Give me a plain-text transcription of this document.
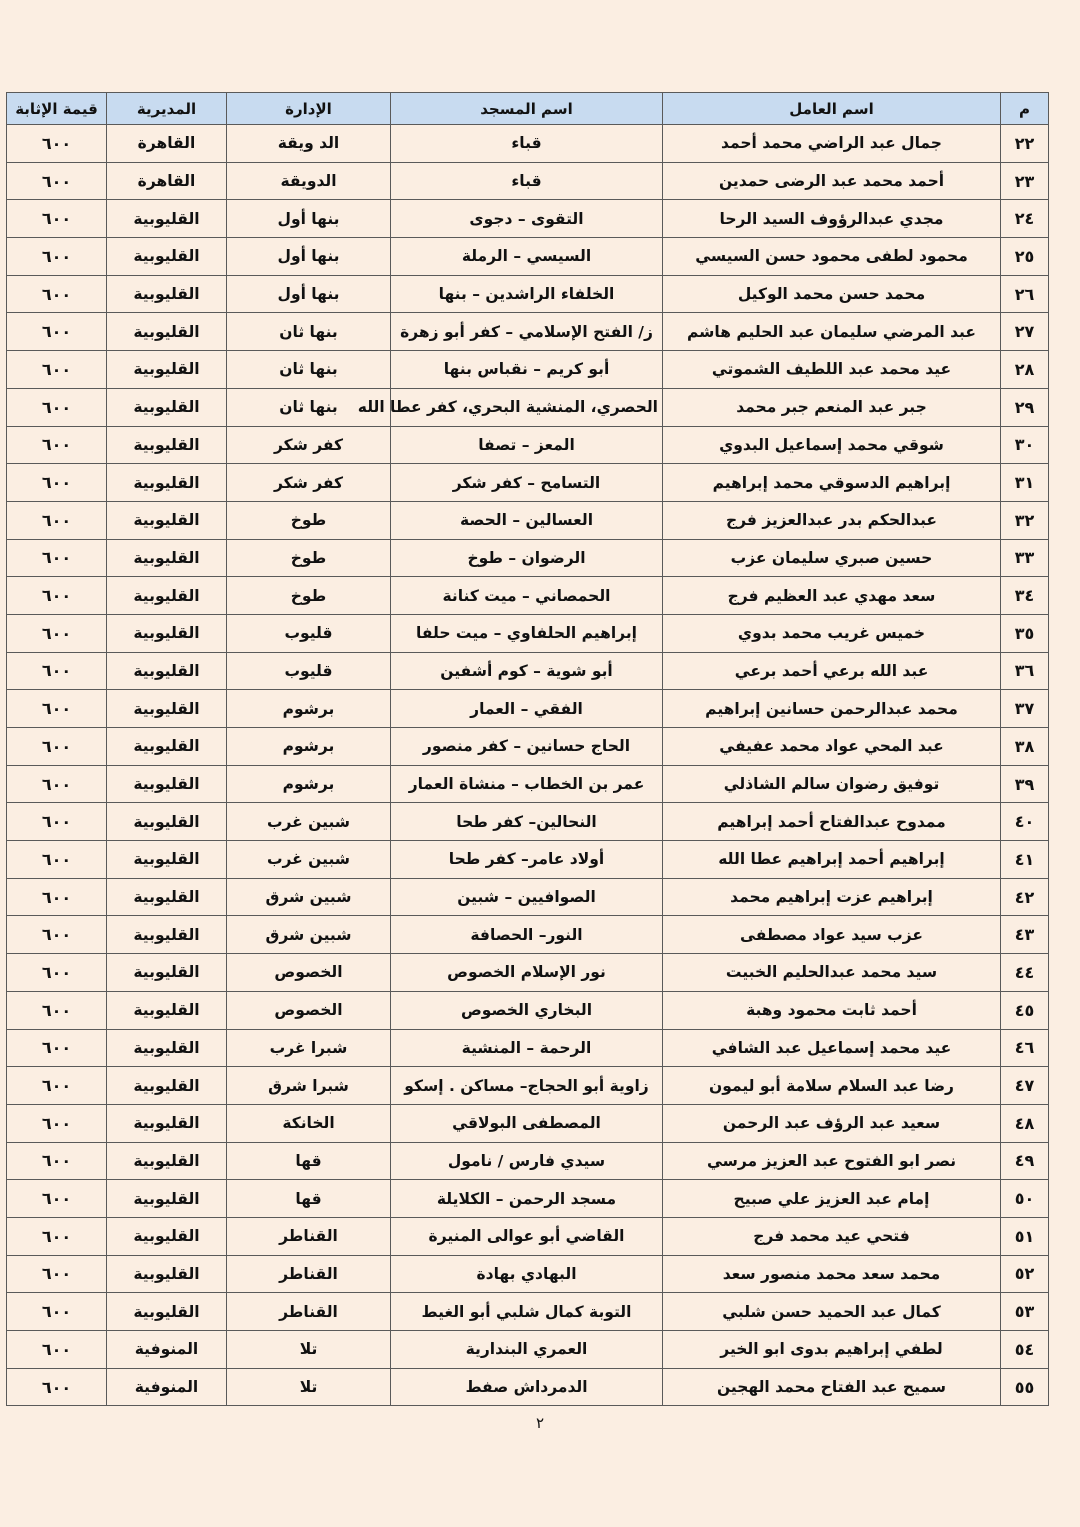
م	اسم العامل	اسم المسجد	الإدارة	المديرية	قيمة الإثابة
٢٢	جمال عبد الراضي محمد أحمد	قباء	الد ويقة	القاهرة	٦٠٠
٢٣	أحمد محمد عبد الرضى حمدين	قباء	الدويقة	القاهرة	٦٠٠
٢٤	مجدي عبدالرؤوف السيد الرحا	التقوى – دجوى	بنها أول	القليوبية	٦٠٠
٢٥	محمود لطفى محمود حسن السيسي	السيسي – الرملة	بنها أول	القليوبية	٦٠٠
٢٦	محمد حسن محمد الوكيل	الخلفاء الراشدين – بنها	بنها أول	القليوبية	٦٠٠
٢٧	عبد المرضي سليمان عبد الحليم هاشم	ز/ الفتح الإسلامي – كفر أبو زهرة	بنها ثان	القليوبية	٦٠٠
٢٨	عيد محمد عبد اللطيف الشموتي	أبو كريم – نقباس بنها	بنها ثان	القليوبية	٦٠٠
٢٩	جبر عبد المنعم جبر محمد	الحصري، المنشية البحري، كفر عطا الله	بنها ثان	القليوبية	٦٠٠
٣٠	شوقي محمد إسماعيل البدوي	المعز – تصفا	كفر شكر	القليوبية	٦٠٠
٣١	إبراهيم الدسوقي محمد إبراهيم	التسامح – كفر شكر	كفر شكر	القليوبية	٦٠٠
٣٢	عبدالحكم بدر عبدالعزيز فرج	العسالين – الحصة	طوخ	القليوبية	٦٠٠
٣٣	حسين صبري سليمان عزب	الرضوان – طوخ	طوخ	القليوبية	٦٠٠
٣٤	سعد مهدي عبد العظيم فرج	الحمصاني – ميت كنانة	طوخ	القليوبية	٦٠٠
٣٥	خميس غريب محمد بدوي	إبراهيم الحلفاوي – ميت حلفا	قليوب	القليوبية	٦٠٠
٣٦	عبد الله برعي أحمد برعي	أبو شوية – كوم أشفين	قليوب	القليوبية	٦٠٠
٣٧	محمد عبدالرحمن حسانين إبراهيم	الفقي – العمار	برشوم	القليوبية	٦٠٠
٣٨	عبد المحي عواد محمد عفيفي	الحاج حسانين – كفر منصور	برشوم	القليوبية	٦٠٠
٣٩	توفيق رضوان سالم الشاذلي	عمر بن الخطاب – منشاة العمار	برشوم	القليوبية	٦٠٠
٤٠	ممدوح عبدالفتاح أحمد إبراهيم	النحالين– كفر طحا	شبين غرب	القليوبية	٦٠٠
٤١	إبراهيم أحمد إبراهيم عطا الله	أولاد عامر– كفر طحا	شبين غرب	القليوبية	٦٠٠
٤٢	إبراهيم عزت إبراهيم محمد	الصوافيين – شبين	شبين شرق	القليوبية	٦٠٠
٤٣	عزب سيد عواد مصطفى	النور– الحصافة	شبين شرق	القليوبية	٦٠٠
٤٤	سيد محمد عبدالحليم الخبيت	نور الإسلام الخصوص	الخصوص	القليوبية	٦٠٠
٤٥	أحمد ثابت محمود وهبة	البخاري الخصوص	الخصوص	القليوبية	٦٠٠
٤٦	عيد محمد إسماعيل عبد الشافي	الرحمة – المنشية	شبرا غرب	القليوبية	٦٠٠
٤٧	رضا عبد السلام سلامة أبو ليمون	زاوية أبو الحجاج– مساكن . إسكو	شبرا شرق	القليوبية	٦٠٠
٤٨	سعيد عبد الرؤف عبد الرحمن	المصطفى البولاقي	الخانكة	القليوبية	٦٠٠
٤٩	نصر ابو الفتوح عبد العزيز مرسي	سيدي فارس / نامول	قها	القليوبية	٦٠٠
٥٠	إمام عبد العزيز علي صبيح	مسجد الرحمن – الكلايلة	قها	القليوبية	٦٠٠
٥١	فتحي عيد محمد فرج	القاضي أبو عوالى المنيرة	القناطر	القليوبية	٦٠٠
٥٢	محمد سعد محمد منصور سعد	البهادي بهادة	القناطر	القليوبية	٦٠٠
٥٣	كمال عبد الحميد حسن شلبي	التوبة كمال شلبي أبو الغيط	القناطر	القليوبية	٦٠٠
٥٤	لطفي إبراهيم بدوى ابو الخير	العمري البندارية	تلا	المنوفية	٦٠٠
٥٥	سميح عبد الفتاح محمد الهجين	الدمرداش صفط	تلا	المنوفية	٦٠٠
٢
